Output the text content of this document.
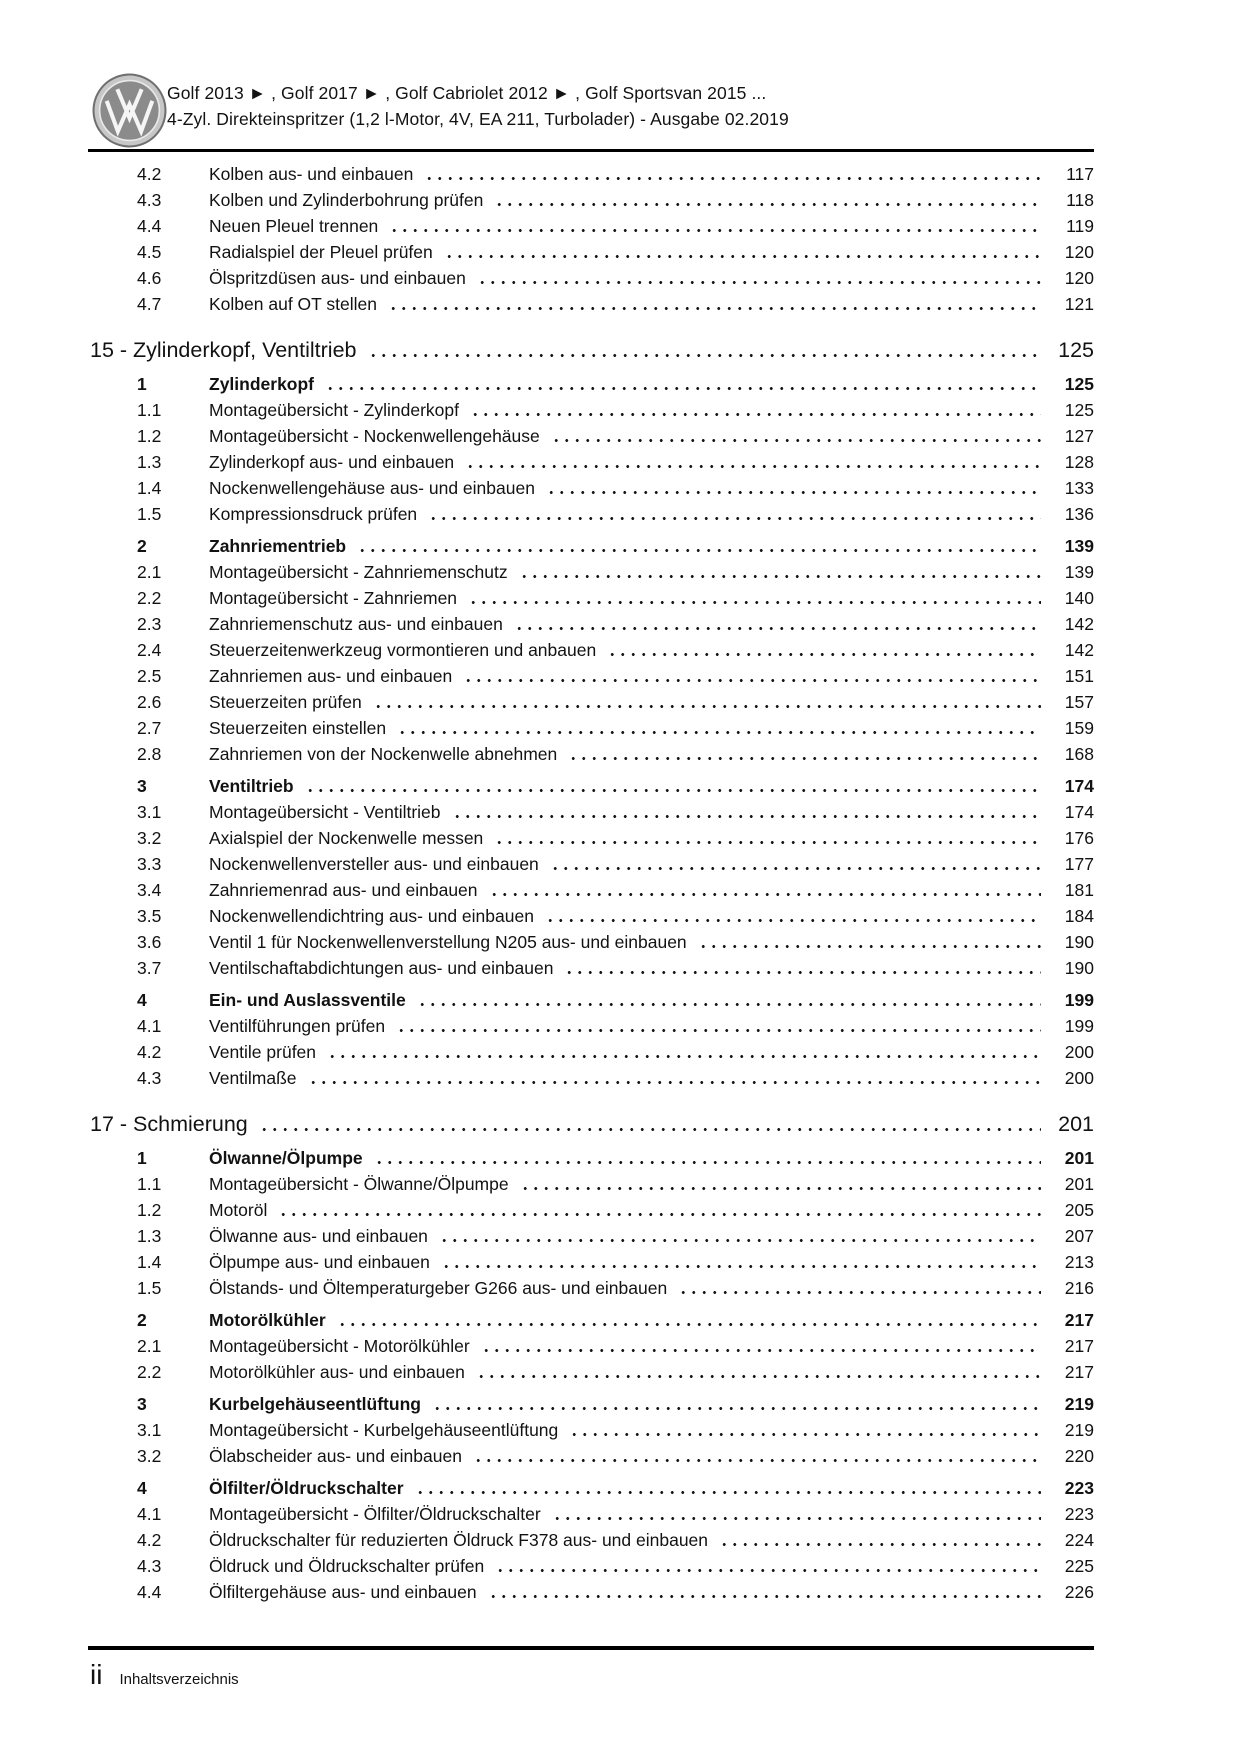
Golf 2013 ► , Golf 2017 ► , Golf Cabriolet 2012 ► , Golf Sportsvan 2015 ...
4-Zyl. Direkteinspritzer (1,2 l-Motor, 4V, EA 211, Turbolader) - Ausgabe 02.2019
4.2	Kolben aus- und einbauen	117
4.3	Kolben und Zylinderbohrung prüfen	118
4.4	Neuen Pleuel trennen	119
4.5	Radialspiel der Pleuel prüfen	120
4.6	Ölspritzdüsen aus- und einbauen	120
4.7	Kolben auf OT stellen	121
15 - Zylinderkopf, Ventiltrieb	125
1	Zylinderkopf	125
1.1	Montageübersicht - Zylinderkopf	125
1.2	Montageübersicht - Nockenwellengehäuse	127
1.3	Zylinderkopf aus- und einbauen	128
1.4	Nockenwellengehäuse aus- und einbauen	133
1.5	Kompressionsdruck prüfen	136
2	Zahnriementrieb	139
2.1	Montageübersicht - Zahnriemenschutz	139
2.2	Montageübersicht - Zahnriemen	140
2.3	Zahnriemenschutz aus- und einbauen	142
2.4	Steuerzeitenwerkzeug vormontieren und anbauen	142
2.5	Zahnriemen aus- und einbauen	151
2.6	Steuerzeiten prüfen	157
2.7	Steuerzeiten einstellen	159
2.8	Zahnriemen von der Nockenwelle abnehmen	168
3	Ventiltrieb	174
3.1	Montageübersicht - Ventiltrieb	174
3.2	Axialspiel der Nockenwelle messen	176
3.3	Nockenwellenversteller aus- und einbauen	177
3.4	Zahnriemenrad aus- und einbauen	181
3.5	Nockenwellendichtring aus- und einbauen	184
3.6	Ventil 1 für Nockenwellenverstellung N205 aus- und einbauen	190
3.7	Ventilschaftabdichtungen aus- und einbauen	190
4	Ein- und Auslassventile	199
4.1	Ventilführungen prüfen	199
4.2	Ventile prüfen	200
4.3	Ventilmaße	200
17 - Schmierung	201
1	Ölwanne/Ölpumpe	201
1.1	Montageübersicht - Ölwanne/Ölpumpe	201
1.2	Motoröl	205
1.3	Ölwanne aus- und einbauen	207
1.4	Ölpumpe aus- und einbauen	213
1.5	Ölstands- und Öltemperaturgeber G266 aus- und einbauen	216
2	Motorölkühler	217
2.1	Montageübersicht - Motorölkühler	217
2.2	Motorölkühler aus- und einbauen	217
3	Kurbelgehäuseentlüftung	219
3.1	Montageübersicht - Kurbelgehäuseentlüftung	219
3.2	Ölabscheider aus- und einbauen	220
4	Ölfilter/Öldruckschalter	223
4.1	Montageübersicht - Ölfilter/Öldruckschalter	223
4.2	Öldruckschalter für reduzierten Öldruck F378 aus- und einbauen	224
4.3	Öldruck und Öldruckschalter prüfen	225
4.4	Ölfiltergehäuse aus- und einbauen	226
ii Inhaltsverzeichnis
